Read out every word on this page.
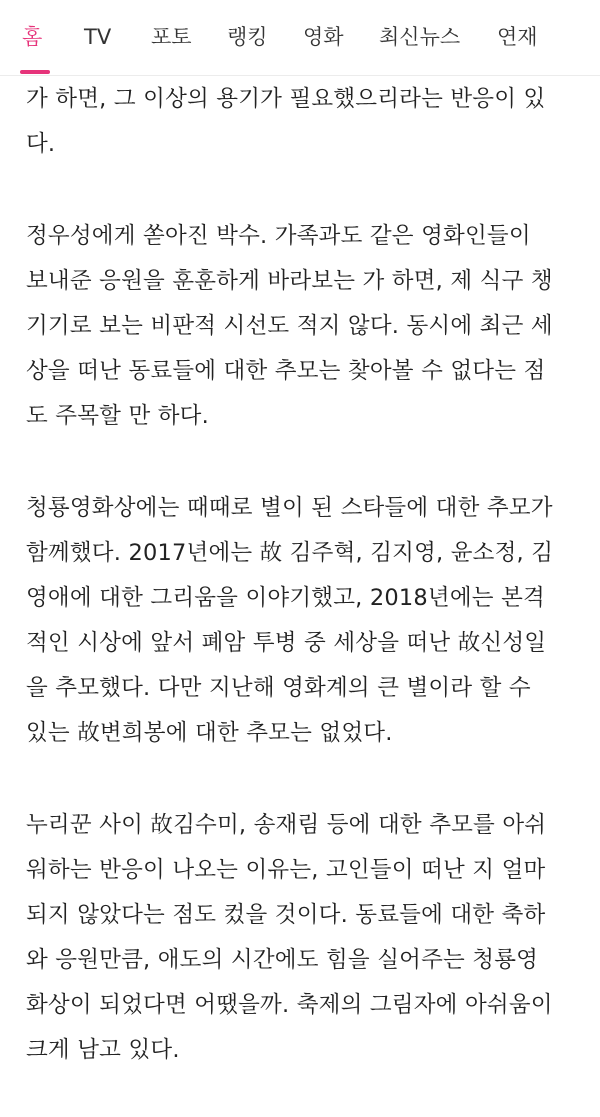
홈 TV 포토 랭킹 영화 최신뉴스 연재

가 하면, 그 이상의 용기가 필요했으리라는 반응이 있
다.

정우성에게 쏟아진 박수. 가족과도 같은 영화인들이
보내준 응원을 훈훈하게 바라보는 가 하면, 제 식구 챙
기기로 보는 비판적 시선도 적지 않다. 동시에 최근 세
상을 떠난 동료들에 대한 추모는 찾아볼 수 없다는 점
도 주목할 만 하다.

청룡영화상에는 때때로 별이 된 스타들에 대한 추모가
함께했다. 2017년에는 故 김주혁, 김지영, 윤소정, 김
영애에 대한 그리움을 이야기했고, 2018년에는 본격
적인 시상에 앞서 폐암 투병 중 세상을 떠난 故신성일
을 추모했다. 다만 지난해 영화계의 큰 별이라 할 수
있는 故변희봉에 대한 추모는 없었다.

누리꾼 사이 故김수미, 송재림 등에 대한 추모를 아쉬
워하는 반응이 나오는 이유는, 고인들이 떠난 지 얼마
되지 않았다는 점도 컸을 것이다. 동료들에 대한 축하
와 응원만큼, 애도의 시간에도 힘을 실어주는 청룡영
화상이 되었다면 어땠을까. 축제의 그림자에 아쉬움이
크게 남고 있다.
